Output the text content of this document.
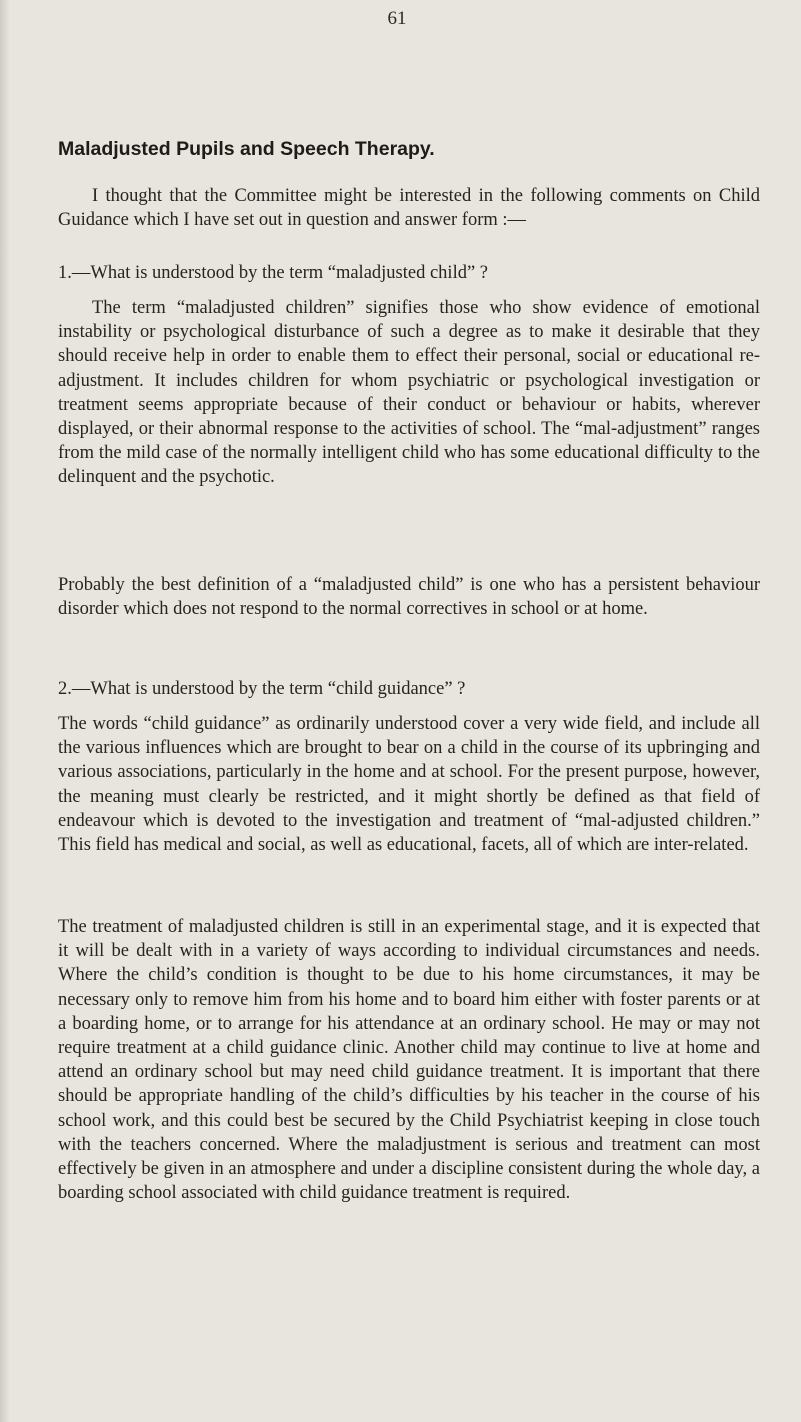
61
Maladjusted Pupils and Speech Therapy.

I thought that the Committee might be interested in the following comments on Child Guidance which I have set out in question and answer form :—

1.—What is understood by the term “maladjusted child” ?

The term “maladjusted children” signifies those who show evidence of emotional instability or psychological disturbance of such a degree as to make it desirable that they should receive help in order to enable them to effect their personal, social or educational re-adjustment. It includes children for whom psychiatric or psychological investigation or treatment seems appropriate because of their conduct or behaviour or habits, wherever displayed, or their abnormal response to the activities of school. The “mal-adjustment” ranges from the mild case of the normally intelligent child who has some educational difficulty to the delinquent and the psychotic.

Probably the best definition of a “maladjusted child” is one who has a persistent behaviour disorder which does not respond to the normal correctives in school or at home.

2.—What is understood by the term “child guidance” ?

The words “child guidance” as ordinarily understood cover a very wide field, and include all the various influences which are brought to bear on a child in the course of its upbringing and various associations, particularly in the home and at school. For the present purpose, however, the meaning must clearly be restricted, and it might shortly be defined as that field of endeavour which is devoted to the investigation and treatment of “mal-adjusted children.” This field has medical and social, as well as educational, facets, all of which are inter-related.

The treatment of maladjusted children is still in an experimental stage, and it is expected that it will be dealt with in a variety of ways according to individual circumstances and needs. Where the child’s condition is thought to be due to his home circumstances, it may be necessary only to remove him from his home and to board him either with foster parents or at a boarding home, or to arrange for his attendance at an ordinary school. He may or may not require treatment at a child guidance clinic. Another child may continue to live at home and attend an ordinary school but may need child guidance treatment. It is important that there should be appropriate handling of the child’s difficulties by his teacher in the course of his school work, and this could best be secured by the Child Psychiatrist keeping in close touch with the teachers concerned. Where the maladjustment is serious and treatment can most effectively be given in an atmosphere and under a discipline consistent during the whole day, a boarding school associated with child guidance treatment is required.
